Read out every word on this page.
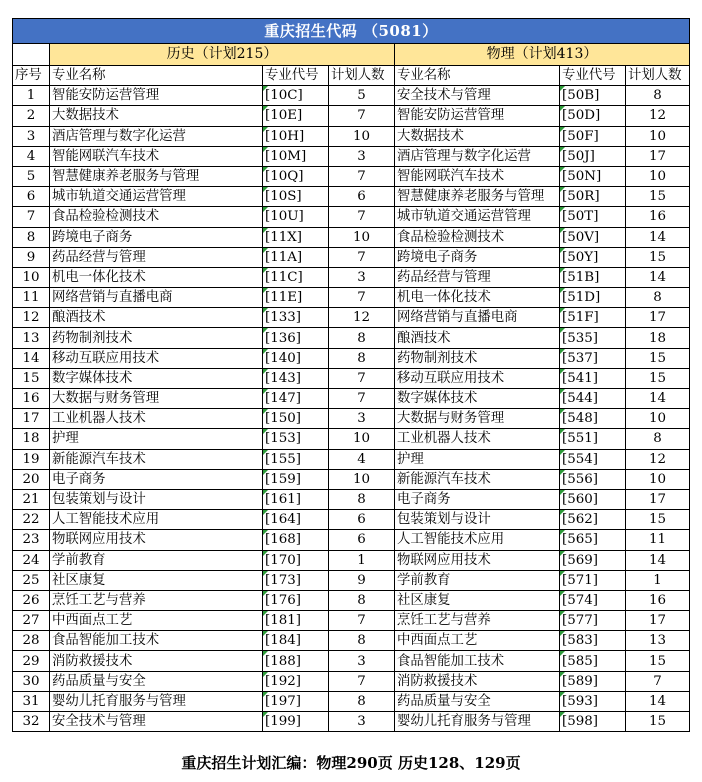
重庆招生代码 （5081）						
	历史（计划215）			物理（计划413）		
序号	专业名称	专业代号	计划人数	专业名称	专业代号	计划人数
1	智能安防运营管理	[10C]	5	安全技术与管理	[50B]	8
2	大数据技术	[10E]	7	智能安防运营管理	[50D]	12
3	酒店管理与数字化运营	[10H]	10	大数据技术	[50F]	10
4	智能网联汽车技术	[10M]	3	酒店管理与数字化运营	[50J]	17
5	智慧健康养老服务与管理	[10Q]	7	智能网联汽车技术	[50N]	10
6	城市轨道交通运营管理	[10S]	6	智慧健康养老服务与管理	[50R]	15
7	食品检验检测技术	[10U]	7	城市轨道交通运营管理	[50T]	16
8	跨境电子商务	[11X]	10	食品检验检测技术	[50V]	14
9	药品经营与管理	[11A]	7	跨境电子商务	[50Y]	15
10	机电一体化技术	[11C]	3	药品经营与管理	[51B]	14
11	网络营销与直播电商	[11E]	7	机电一体化技术	[51D]	8
12	酿酒技术	[133]	12	网络营销与直播电商	[51F]	17
13	药物制剂技术	[136]	8	酿酒技术	[535]	18
14	移动互联应用技术	[140]	8	药物制剂技术	[537]	15
15	数字媒体技术	[143]	7	移动互联应用技术	[541]	15
16	大数据与财务管理	[147]	7	数字媒体技术	[544]	14
17	工业机器人技术	[150]	3	大数据与财务管理	[548]	10
18	护理	[153]	10	工业机器人技术	[551]	8
19	新能源汽车技术	[155]	4	护理	[554]	12
20	电子商务	[159]	10	新能源汽车技术	[556]	10
21	包装策划与设计	[161]	8	电子商务	[560]	17
22	人工智能技术应用	[164]	6	包装策划与设计	[562]	15
23	物联网应用技术	[168]	6	人工智能技术应用	[565]	11
24	学前教育	[170]	1	物联网应用技术	[569]	14
25	社区康复	[173]	9	学前教育	[571]	1
26	烹饪工艺与营养	[176]	8	社区康复	[574]	16
27	中西面点工艺	[181]	7	烹饪工艺与营养	[577]	17
28	食品智能加工技术	[184]	8	中西面点工艺	[583]	13
29	消防救援技术	[188]	3	食品智能加工技术	[585]	15
30	药品质量与安全	[192]	7	消防救援技术	[589]	7
31	婴幼儿托育服务与管理	[197]	8	药品质量与安全	[593]	14
32	安全技术与管理	[199]	3	婴幼儿托育服务与管理	[598]	15
重庆招生计划汇编：物理290页 历史128、129页
